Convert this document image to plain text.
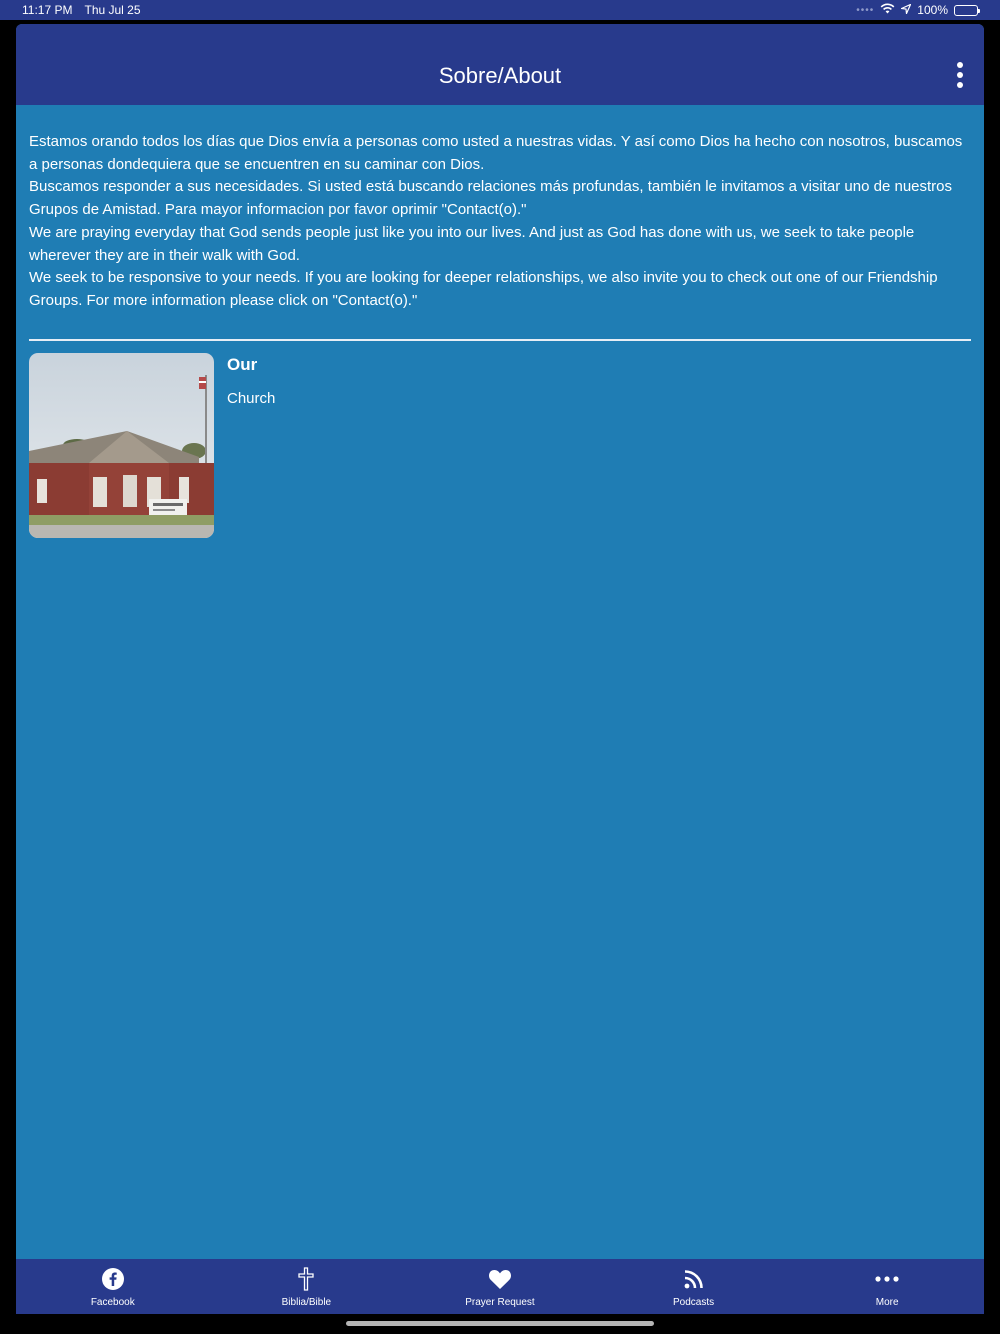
11:17 PM Thu Jul 25	••••	100%
Sobre/About

Estamos orando todos los días que Dios envía a personas como usted a nuestras vidas. Y así como Dios ha hecho con nosotros, buscamos a personas dondequiera que se encuentren en su caminar con Dios.

Buscamos responder a sus necesidades. Si usted está buscando relaciones más profundas, también le invitamos a visitar uno de nuestros Grupos de Amistad. Para mayor informacion por favor oprimir "Contact(o)."

We are praying everyday that God sends people just like you into our lives. And just as God has done with us, we seek to take people wherever they are in their walk with God.

We seek to be responsive to your needs. If you are looking for deeper relationships, we also invite you to check out one of our Friendship Groups. For more information please click on "Contact(o)."

Our
Church
Facebook	Biblia/Bible	Prayer Request	Podcasts	More
